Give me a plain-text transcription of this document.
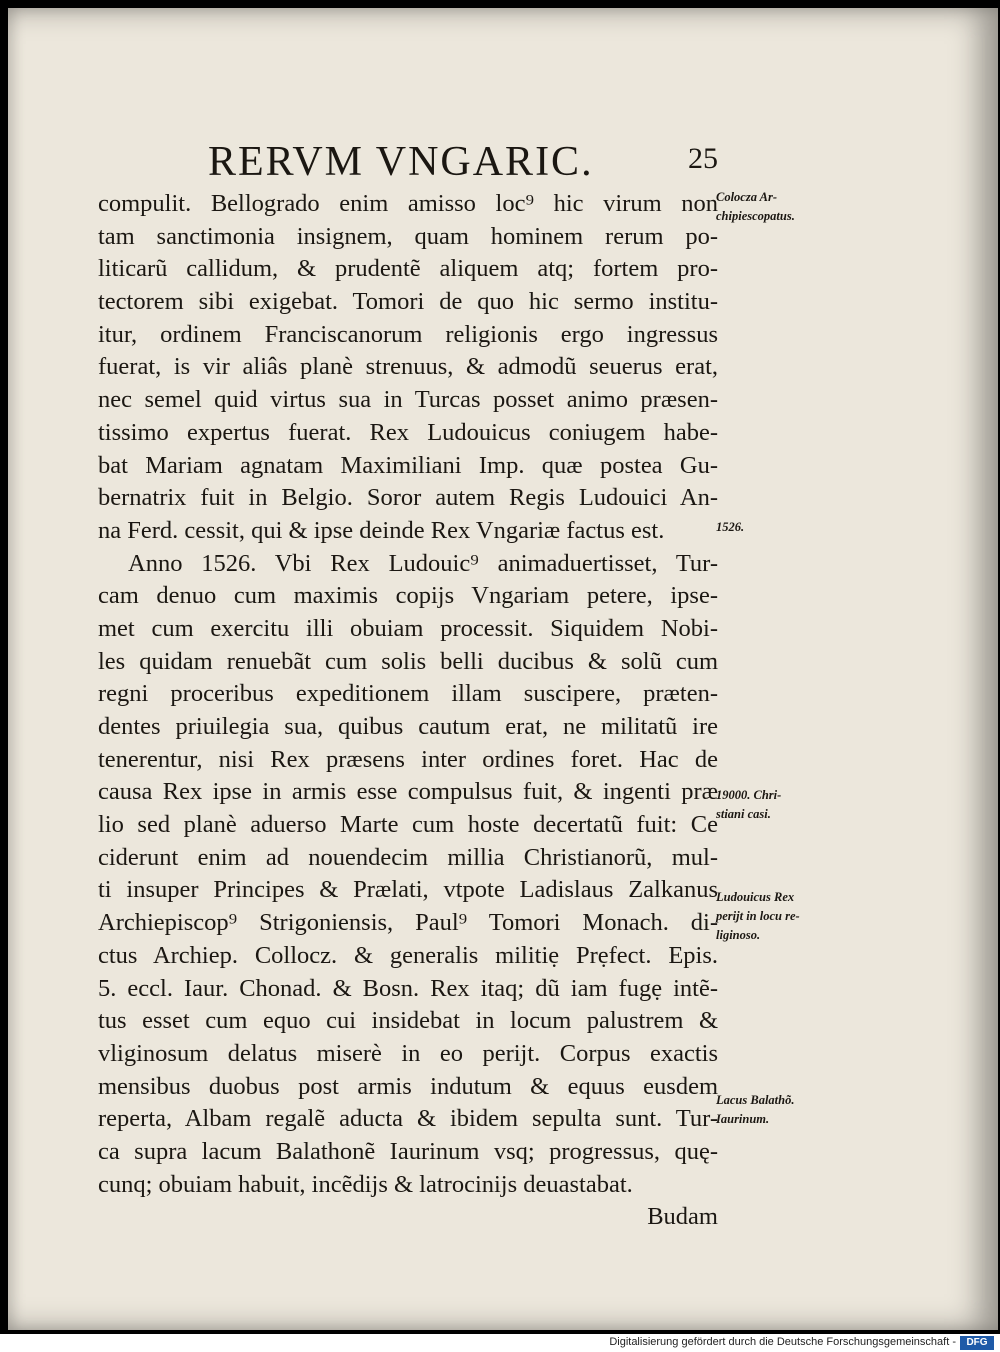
RERVM VNGARIC.	25
compulit. Bellogrado enim amisso loc⁹ hic virum non
tam sanctimonia insignem, quam hominem rerum po-
liticarũ callidum, & prudentẽ aliquem atq; fortem pro-
tectorem sibi exigebat. Tomori de quo hic sermo institu-
itur, ordinem Franciscanorum religionis ergo ingressus
fuerat, is vir aliâs planè strenuus, & admodũ seuerus erat,
nec semel quid virtus sua in Turcas posset animo præsen-
tissimo expertus fuerat. Rex Ludouicus coniugem habe-
bat Mariam agnatam Maximiliani Imp. quæ postea Gu-
bernatrix fuit in Belgio. Soror autem Regis Ludouici An-
na Ferd. cessit, qui & ipse deinde Rex Vngariæ factus est.
Anno 1526. Vbi Rex Ludouic⁹ animaduertisset, Tur-
cam denuo cum maximis copijs Vngariam petere, ipse-
met cum exercitu illi obuiam processit. Siquidem Nobi-
les quidam renuebãt cum solis belli ducibus & solũ cum
regni proceribus expeditionem illam suscipere, præten-
dentes priuilegia sua, quibus cautum erat, ne militatũ ire
tenerentur, nisi Rex præsens inter ordines foret. Hac de
causa Rex ipse in armis esse compulsus fuit, & ingenti præ
lio sed planè aduerso Marte cum hoste decertatũ fuit: Ce
ciderunt enim ad nouendecim millia Christianorũ, mul-
ti insuper Principes & Prælati, vtpote Ladislaus Zalkanus
Archiepiscop⁹ Strigoniensis, Paul⁹ Tomori Monach. di-
ctus Archiep. Collocz. & generalis militiẹ Prẹfect. Epis.
5. eccl. Iaur. Chonad. & Bosn. Rex itaq; dũ iam fugẹ intẽ-
tus esset cum equo cui insidebat in locum palustrem &
vliginosum delatus miserè in eo perijt. Corpus exactis
mensibus duobus post armis indutum & equus eusdem
reperta, Albam regalẽ aducta & ibidem sepulta sunt. Tur-
ca supra lacum Balathonẽ Iaurinum vsq; progressus, quę-
cunq; obuiam habuit, incẽdijs & latrocinijs deuastabat.
Budam
Colocza Ar-
chipiescopatus.
1526.
19000. Chri-
stiani casi.
Ludouicus Rex
perijt in locu re-
liginoso.
Lacus Balathõ.
Iaurinum.
Digitalisierung gefördert durch die Deutsche Forschungsgemeinschaft -	DFG
